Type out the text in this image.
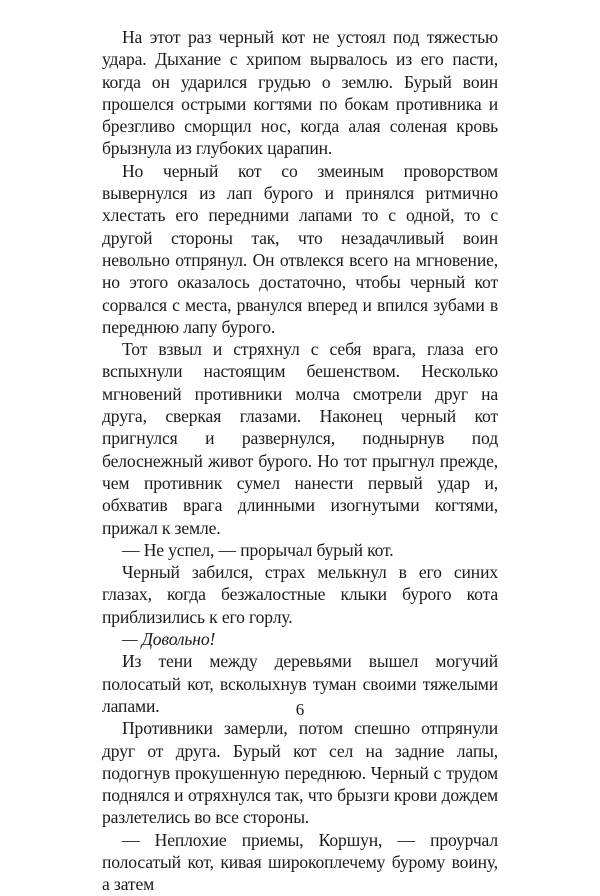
На этот раз черный кот не устоял под тяжестью удара. Дыхание с хрипом вырвалось из его пасти, когда он ударился грудью о землю. Бурый воин прошелся острыми когтями по бокам противника и брезгливо сморщил нос, когда алая соленая кровь брызнула из глубоких царапин.

Но черный кот со змеиным проворством вывернулся из лап бурого и принялся ритмично хлестать его передними лапами то с одной, то с другой стороны так, что незадачливый воин невольно отпрянул. Он отвлекся всего на мгновение, но этого оказалось достаточно, чтобы черный кот сорвался с места, рванулся вперед и впился зубами в переднюю лапу бурого.

Тот взвыл и стряхнул с себя врага, глаза его вспыхнули настоящим бешенством. Несколько мгновений противники молча смотрели друг на друга, сверкая глазами. Наконец черный кот пригнулся и развернулся, поднырнув под белоснежный живот бурого. Но тот прыгнул прежде, чем противник сумел нанести первый удар и, обхватив врага длинными изогнутыми когтями, прижал к земле.

— Не успел, — прорычал бурый кот.

Черный забился, страх мелькнул в его синих глазах, когда безжалостные клыки бурого кота приблизились к его горлу.

— Довольно!

Из тени между деревьями вышел могучий полосатый кот, всколыхнув туман своими тяжелыми лапами.

Противники замерли, потом спешно отпрянули друг от друга. Бурый кот сел на задние лапы, подогнув прокушенную переднюю. Черный с трудом поднялся и отряхнулся так, что брызги крови дождем разлетелись во все стороны.

— Неплохие приемы, Коршун, — проурчал полосатый кот, кивая широкоплечему бурому воину, а затем

6
